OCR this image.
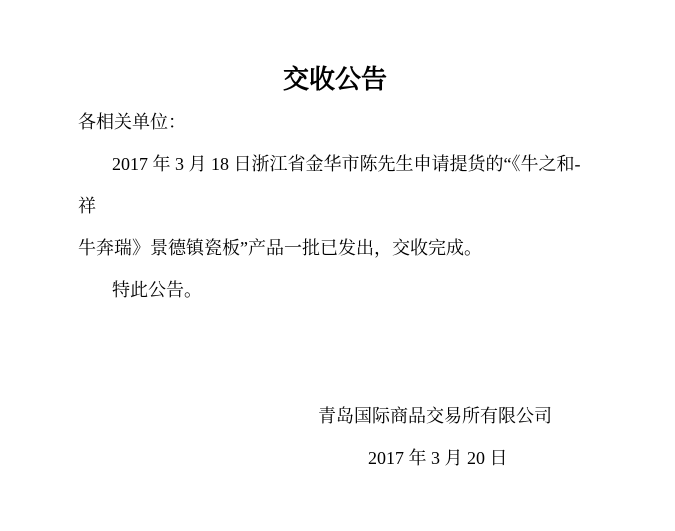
交收公告

各相关单位：

2017 年 3 月 18 日浙江省金华市陈先生申请提货的“《牛之和-祥

牛奔瑞》景德镇瓷板”产品一批已发出，交收完成。

特此公告。

青岛国际商品交易所有限公司

2017 年 3 月 20 日
